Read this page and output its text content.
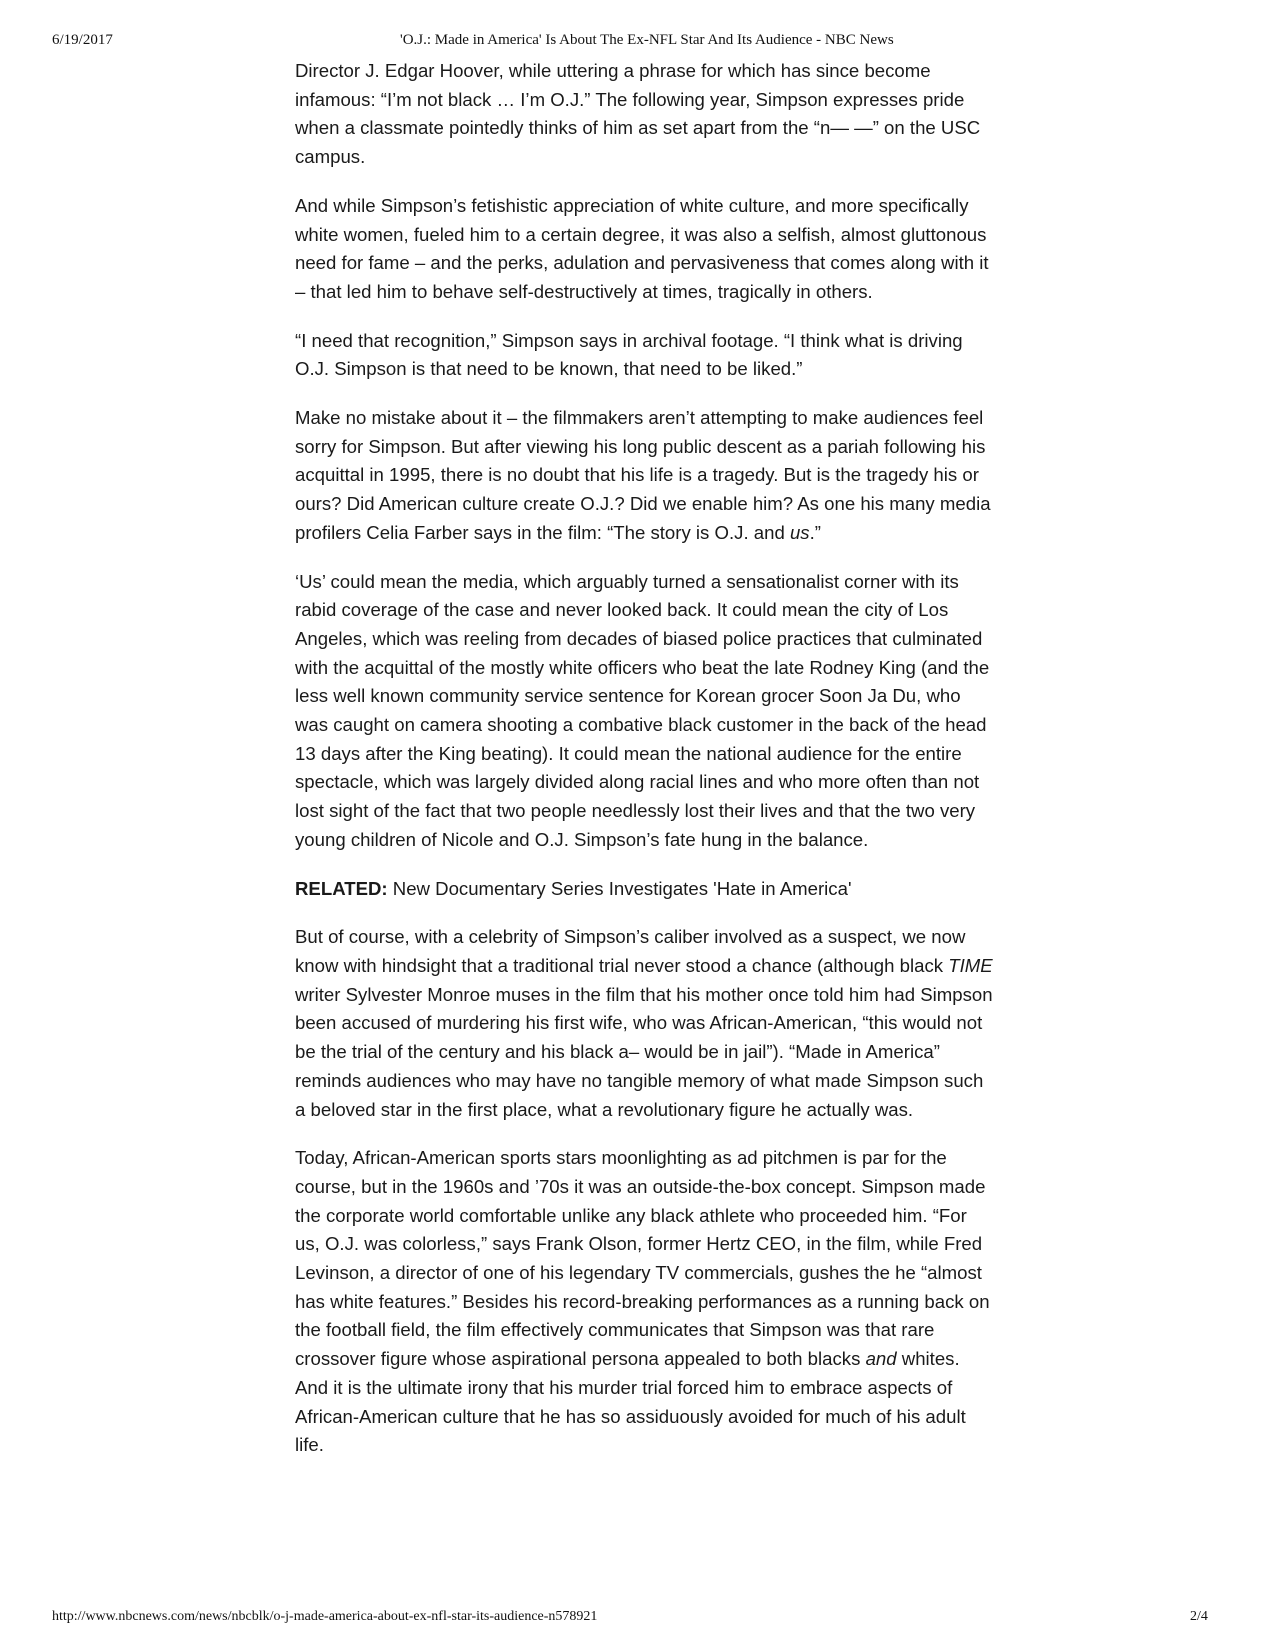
6/19/2017	'O.J.: Made in America' Is About The Ex-NFL Star And Its Audience - NBC News

Director J. Edgar Hoover, while uttering a phrase for which has since become infamous: “I’m not black … I’m O.J.” The following year, Simpson expresses pride when a classmate pointedly thinks of him as set apart from the “n— —” on the USC campus.

And while Simpson’s fetishistic appreciation of white culture, and more specifically white women, fueled him to a certain degree, it was also a selfish, almost gluttonous need for fame – and the perks, adulation and pervasiveness that comes along with it – that led him to behave self-destructively at times, tragically in others.

“I need that recognition,” Simpson says in archival footage. “I think what is driving O.J. Simpson is that need to be known, that need to be liked.”

Make no mistake about it – the filmmakers aren’t attempting to make audiences feel sorry for Simpson. But after viewing his long public descent as a pariah following his acquittal in 1995, there is no doubt that his life is a tragedy. But is the tragedy his or ours? Did American culture create O.J.? Did we enable him? As one his many media profilers Celia Farber says in the film: “The story is O.J. and us.”

‘Us’ could mean the media, which arguably turned a sensationalist corner with its rabid coverage of the case and never looked back. It could mean the city of Los Angeles, which was reeling from decades of biased police practices that culminated with the acquittal of the mostly white officers who beat the late Rodney King (and the less well known community service sentence for Korean grocer Soon Ja Du, who was caught on camera shooting a combative black customer in the back of the head 13 days after the King beating). It could mean the national audience for the entire spectacle, which was largely divided along racial lines and who more often than not lost sight of the fact that two people needlessly lost their lives and that the two very young children of Nicole and O.J. Simpson’s fate hung in the balance.

RELATED: New Documentary Series Investigates 'Hate in America'

But of course, with a celebrity of Simpson’s caliber involved as a suspect, we now know with hindsight that a traditional trial never stood a chance (although black TIME writer Sylvester Monroe muses in the film that his mother once told him had Simpson been accused of murdering his first wife, who was African-American, “this would not be the trial of the century and his black a– would be in jail”). “Made in America” reminds audiences who may have no tangible memory of what made Simpson such a beloved star in the first place, what a revolutionary figure he actually was.

Today, African-American sports stars moonlighting as ad pitchmen is par for the course, but in the 1960s and ’70s it was an outside-the-box concept. Simpson made the corporate world comfortable unlike any black athlete who proceeded him. “For us, O.J. was colorless,” says Frank Olson, former Hertz CEO, in the film, while Fred Levinson, a director of one of his legendary TV commercials, gushes the he “almost has white features.” Besides his record-breaking performances as a running back on the football field, the film effectively communicates that Simpson was that rare crossover figure whose aspirational persona appealed to both blacks and whites. And it is the ultimate irony that his murder trial forced him to embrace aspects of African-American culture that he has so assiduously avoided for much of his adult life.

http://www.nbcnews.com/news/nbcblk/o-j-made-america-about-ex-nfl-star-its-audience-n578921	2/4
